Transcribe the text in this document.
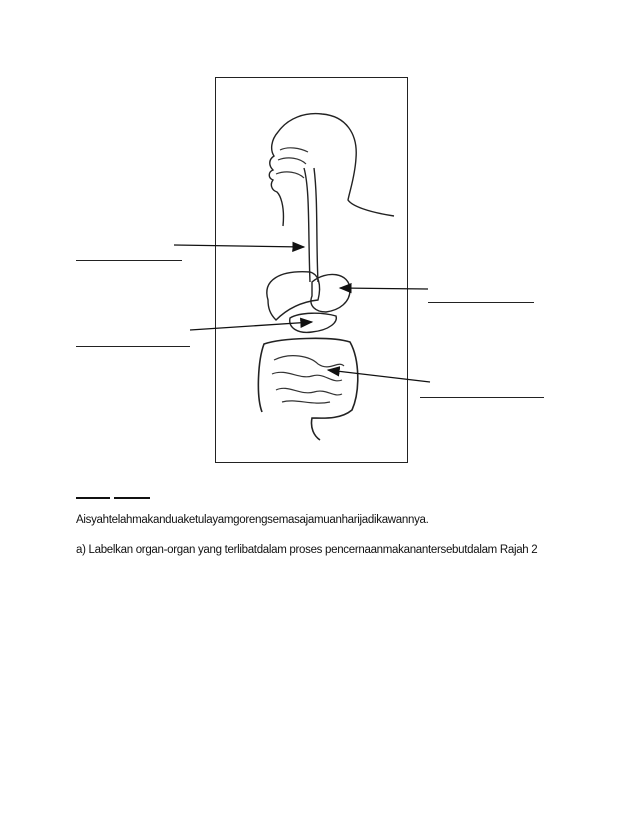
Aisyahtelahmakanduaketulayamgorengsemasajamuanharijadikawannya.
a) Labelkan organ-organ yang terlibatdalam proses pencernaanmakanantersebutdalam Rajah 2
